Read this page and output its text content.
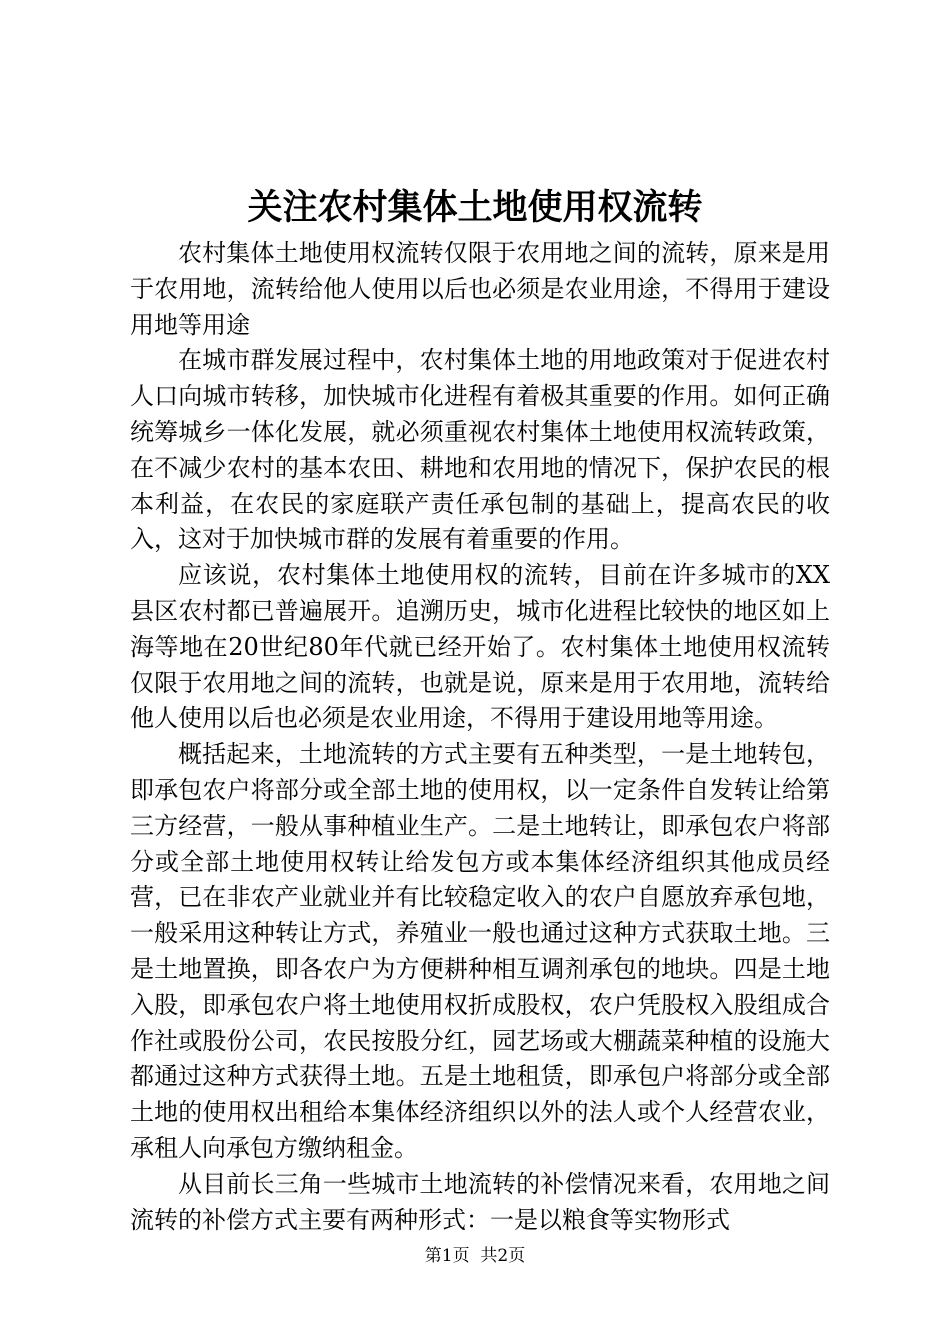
关注农村集体土地使用权流转

农村集体土地使用权流转仅限于农用地之间的流转，原来是用于农用地，流转给他人使用以后也必须是农业用途，不得用于建设用地等用途

在城市群发展过程中，农村集体土地的用地政策对于促进农村人口向城市转移，加快城市化进程有着极其重要的作用。如何正确统筹城乡一体化发展，就必须重视农村集体土地使用权流转政策，在不减少农村的基本农田、耕地和农用地的情况下，保护农民的根本利益，在农民的家庭联产责任承包制的基础上，提高农民的收入，这对于加快城市群的发展有着重要的作用。

应该说，农村集体土地使用权的流转，目前在许多城市的XX县区农村都已普遍展开。追溯历史，城市化进程比较快的地区如上海等地在20世纪80年代就已经开始了。农村集体土地使用权流转仅限于农用地之间的流转，也就是说，原来是用于农用地，流转给他人使用以后也必须是农业用途，不得用于建设用地等用途。

概括起来，土地流转的方式主要有五种类型，一是土地转包，即承包农户将部分或全部土地的使用权，以一定条件自发转让给第三方经营，一般从事种植业生产。二是土地转让，即承包农户将部分或全部土地使用权转让给发包方或本集体经济组织其他成员经营，已在非农产业就业并有比较稳定收入的农户自愿放弃承包地，一般采用这种转让方式，养殖业一般也通过这种方式获取土地。三是土地置换，即各农户为方便耕种相互调剂承包的地块。四是土地入股，即承包农户将土地使用权折成股权，农户凭股权入股组成合作社或股份公司，农民按股分红，园艺场或大棚蔬菜种植的设施大都通过这种方式获得土地。五是土地租赁，即承包户将部分或全部土地的使用权出租给本集体经济组织以外的法人或个人经营农业，承租人向承包方缴纳租金。

从目前长三角一些城市土地流转的补偿情况来看，农用地之间流转的补偿方式主要有两种形式：一是以粮食等实物形式

第1页  共2页
